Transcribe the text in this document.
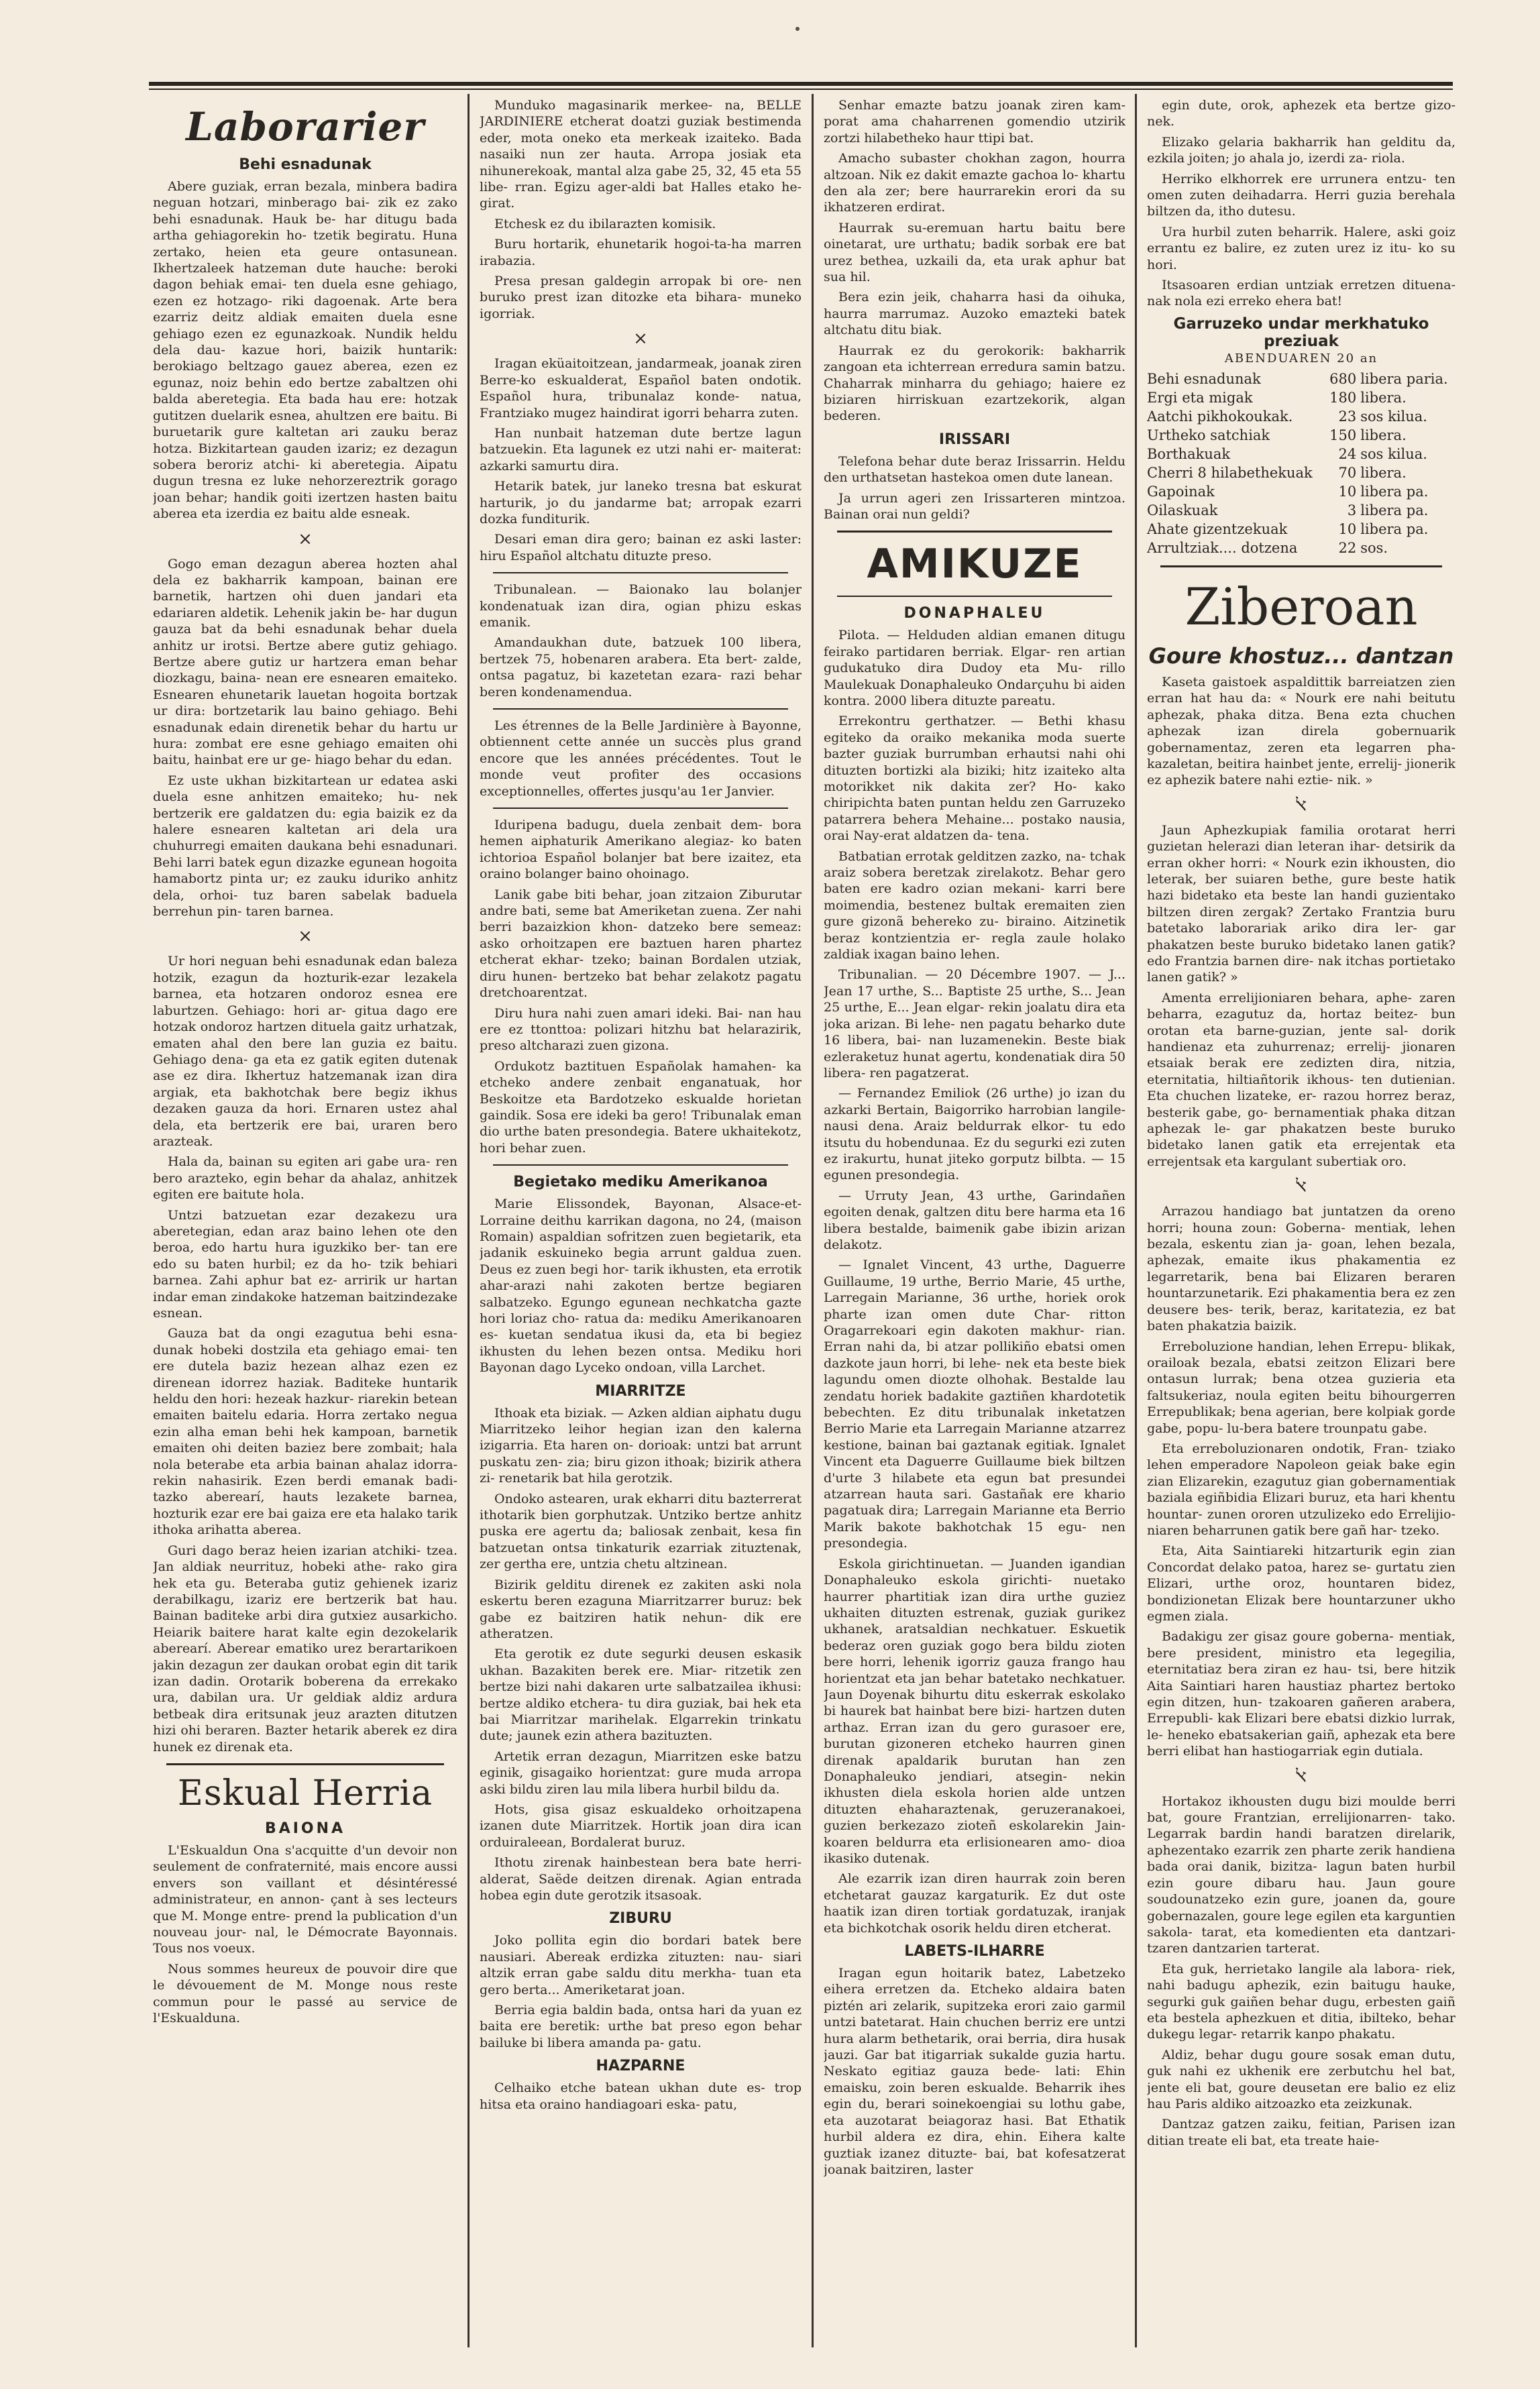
Laborarier
Behi esnadunak

Abere guziak, erran bezala, minbera badira neguan hotzari, minberago bai- zik ez zako behi esnadunak. Hauk be- har ditugu bada artha gehiagorekin ho- tzetik begiratu. Huna zertako, heien eta geure ontasunean. Ikhertzaleek hatzeman dute hauche: beroki dagon behiak emai- ten duela esne gehiago, ezen ez hotzago- riki dagoenak. Arte bera ezarriz deitz aldiak emaiten duela esne gehiago ezen ez egunazkoak. Nundik heldu dela dau- kazue hori, baizik huntarik: berokiago beltzago gauez aberea, ezen ez egunaz, noiz behin edo bertze zabaltzen ohi balda aberetegia. Eta bada hau ere: hotzak gutitzen duelarik esnea, ahultzen ere baitu. Bi buruetarik gure kaltetan ari zauku beraz hotza. Bizkitartean gauden izariz; ez dezagun sobera beroriz atchi- ki aberetegia. Aipatu dugun tresna ez luke nehorzereztrik gorago joan behar; handik goiti izertzen hasten baitu aberea eta izerdia ez baitu alde esneak.

×

Gogo eman dezagun aberea hozten ahal dela ez bakharrik kampoan, bainan ere barnetik, hartzen ohi duen jandari eta edariaren aldetik. Lehenik jakin be- har dugun gauza bat da behi esnadunak behar duela anhitz ur irotsi. Bertze abere gutiz gehiago. Bertze abere gutiz ur hartzera eman behar diozkagu, baina- nean ere esnearen emaiteko. Esnearen ehunetarik lauetan hogoita bortzak ur dira: bortzetarik lau baino gehiago. Behi esnadunak edain direnetik behar du hartu ur hura: zombat ere esne gehiago emaiten ohi baitu, hainbat ere ur ge- hiago behar du edan.

Ez uste ukhan bizkitartean ur edatea aski duela esne anhitzen emaiteko; hu- nek bertzerik ere galdatzen du: egia baizik ez da halere esnearen kaltetan ari dela ura chuhurregi emaiten daukana behi esnadunari. Behi larri batek egun dizazke egunean hogoita hamabortz pinta ur; ez zauku iduriko anhitz dela, orhoi- tuz baren sabelak baduela berrehun pin- taren barnea.

×

Ur hori neguan behi esnadunak edan baleza hotzik, ezagun da hozturik-ezar lezakela barnea, eta hotzaren ondoroz esnea ere laburtzen. Gehiago: hori ar- gitua dago ere hotzak ondoroz hartzen dituela gaitz urhatzak, ematen ahal den bere lan guzia ez baitu. Gehiago dena- ga eta ez gatik egiten dutenak ase ez dira. Ikhertuz hatzemanak izan dira argiak, eta bakhotchak bere begiz ikhus dezaken gauza da hori. Ernaren ustez ahal dela, eta bertzerik ere bai, uraren bero arazteak.

Hala da, bainan su egiten ari gabe ura- ren bero arazteko, egin behar da ahalaz, anhitzek egiten ere baitute hola.

Untzi batzuetan ezar dezakezu ura aberetegian, edan araz baino lehen ote den beroa, edo hartu hura iguzkiko ber- tan ere edo su baten hurbil; ez da ho- tzik behiari barnea. Zahi aphur bat ez- arririk ur hartan indar eman zindakoke hatzeman baitzindezake esnean.

Gauza bat da ongi ezagutua behi esna- dunak hobeki dostzila eta gehiago emai- ten ere dutela baziz hezean alhaz ezen ez direnean idorrez haziak. Baditeke huntarik heldu den hori: hezeak hazkur- riarekin betean emaiten baitelu edaria. Horra zertako negua ezin alha eman behi hek kampoan, barnetik emaiten ohi deiten baziez bere zombait; hala nola beterabe eta arbia bainan ahalaz idorra- rekin nahasirik. Ezen berdi emanak badi- tazko aberearí, hauts lezakete barnea, hozturik ezar ere bai gaiza ere eta halako tarik ithoka arihatta aberea.

Guri dago beraz heien izarian atchiki- tzea. Jan aldiak neurrituz, hobeki athe- rako gira hek eta gu. Beteraba gutiz gehienek izariz derabilkagu, izariz ere bertzerik bat hau. Bainan baditeke arbi dira gutxiez ausarkicho. Heiarik baitere harat kalte egin dezokelarik aberearí. Aberear ematiko urez berartarikoen jakin dezagun zer daukan orobat egin dit tarik izan dadin. Orotarik boberena da errekako ura, dabilan ura. Ur geldiak aldiz ardura betbeak dira eritsunak jeuz arazten ditutzen hizi ohi beraren. Bazter hetarik aberek ez dira hunek ez direnak eta.

Eskual Herria
BAIONA

L'Eskualdun Ona s'acquitte d'un devoir non seulement de confraternité, mais encore aussi envers son vaillant et désintéressé administrateur, en annon- çant à ses lecteurs que M. Monge entre- prend la publication d'un nouveau jour- nal, le Démocrate Bayonnais. Tous nos voeux.

Nous sommes heureux de pouvoir dire que le dévouement de M. Monge nous reste commun pour le passé au service de l'Eskualduna.

Munduko magasinarik merkee- na, BELLE JARDINIERE etcherat doatzi guziak bestimenda eder, mota oneko eta merkeak izaiteko. Bada nasaiki nun zer hauta. Arropa josiak eta nihunerekoak, mantal alza gabe 25, 32, 45 eta 55 libe- rran. Egizu ager-aldi bat Halles etako he- girat.

Etchesk ez du ibilarazten komisik.

Buru hortarik, ehunetarik hogoi-ta-ha marren irabazia.

Presa presan galdegin arropak bi ore- nen buruko prest izan ditozke eta bihara- muneko igorriak.

×

Iragan eküaitoitzean, jandarmeak, joanak ziren Berre-ko eskualderat, Español baten ondotik. Español hura, tribunalaz konde- natua, Frantziako mugez haindirat igorri beharra zuten.

Han nunbait hatzeman dute bertze lagun batzuekin. Eta lagunek ez utzi nahi er- maiterat: azkarki samurtu dira.

Hetarik batek, jur laneko tresna bat eskurat harturik, jo du jandarme bat; arropak ezarri dozka funditurik.

Desari eman dira gero; bainan ez aski laster: hiru Español altchatu dituzte preso.

Tribunalean. — Baionako lau bolanjer kondenatuak izan dira, ogian phizu eskas emanik.

Amandaukhan dute, batzuek 100 libera, bertzek 75, hobenaren arabera. Eta bert- zalde, ontsa pagatuz, bi kazetetan ezara- razi behar beren kondenamendua.

Les étrennes de la Belle Jardinière à Bayonne, obtiennent cette année un succès plus grand encore que les années précédentes. Tout le monde veut profiter des occasions exceptionnelles, offertes jusqu'au 1er Janvier.

Iduripena badugu, duela zenbait dem- bora hemen aiphaturik Amerikano alegiaz- ko baten ichtorioa Español bolanjer bat bere izaitez, eta oraino bolanger baino ohoinago.

Lanik gabe biti behar, joan zitzaion Ziburutar andre bati, seme bat Ameriketan zuena. Zer nahi berri bazaizkion khon- datzeko bere semeaz: asko orhoitzapen ere baztuen haren phartez etcherat ekhar- tzeko; bainan Bordalen utziak, diru hunen- bertzeko bat behar zelakotz pagatu dretchoarentzat.

Diru hura nahi zuen amari ideki. Bai- nan hau ere ez ttonttoa: polizari hitzhu bat helarazirik, preso altcharazi zuen gizona.

Ordukotz baztituen Españolak hamahen- ka etcheko andere zenbait enganatuak, hor Beskoitze eta Bardotzeko eskualde horietan gaindik. Sosa ere ideki ba gero! Tribunalak eman dio urthe baten presondegia. Batere ukhaitekotz, hori behar zuen.

Begietako mediku Amerikanoa

Marie Elissondek, Bayonan, Alsace-et- Lorraine deithu karrikan dagona, no 24, (maison Romain) aspaldian sofritzen zuen begietarik, eta jadanik eskuineko begia arrunt galdua zuen. Deus ez zuen begi hor- tarik ikhusten, eta errotik ahar-arazi nahi zakoten bertze begiaren salbatzeko. Egungo egunean nechkatcha gazte hori loriaz cho- ratua da: mediku Amerikanoaren es- kuetan sendatua ikusi da, eta bi begiez ikhusten du lehen bezen ontsa. Mediku hori Bayonan dago Lyceko ondoan, villa Larchet.

MIARRITZE

Ithoak eta biziak. — Azken aldian aiphatu dugu Miarritzeko leihor hegian izan den kalerna izigarria. Eta haren on- dorioak: untzi bat arrunt puskatu zen- zia; biru gizon ithoak; bizirik athera zi- renetarik bat hila gerotzik.

Ondoko astearen, urak ekharri ditu bazterrerat ithotarik bien gorphutzak. Untziko bertze anhitz puska ere agertu da; baliosak zenbait, kesa fin batzuetan ontsa tinkaturik ezarriak zituztenak, zer gertha ere, untzia chetu altzinean.

Bizirik gelditu direnek ez zakiten aski nola eskertu beren ezaguna Miarritzarrer buruz: bek gabe ez baitziren hatik nehun- dik ere atheratzen.

Eta gerotik ez dute segurki deusen eskasik ukhan. Bazakiten berek ere. Miar- ritzetik zen bertze bizi nahi dakaren urte salbatzailea ikhusi: bertze aldiko etchera- tu dira guziak, bai hek eta bai Miarritzar marihelak. Elgarrekin trinkatu dute; jaunek ezin athera bazituzten.

Artetik erran dezagun, Miarritzen eske batzu eginik, gisagaiko horientzat: gure muda arropa aski bildu ziren lau mila libera hurbil bildu da.

Hots, gisa gisaz eskualdeko orhoitzapena izanen dute Miarritzek. Hortik joan dira ican orduiraleean, Bordalerat buruz.

Ithotu zirenak hainbestean bera bate herri-alderat, Saëde deitzen direnak. Agian entrada hobea egin dute gerotzik itsasoak.

ZIBURU

Joko pollita egin dio bordari batek bere nausiari. Abereak erdizka zituzten: nau- siari altzik erran gabe saldu ditu merkha- tuan eta gero berta... Ameriketarat joan.

Berria egia baldin bada, ontsa hari da yuan ez baita ere beretik: urthe bat preso egon behar bailuke bi libera amanda pa- gatu.

HAZPARNE

Celhaiko etche batean ukhan dute es- trop hitsa eta oraino handiagoari eska- patu,

Senhar emazte batzu joanak ziren kam- porat ama chaharrenen gomendio utzirik zortzi hilabetheko haur ttipi bat.

Amacho subaster chokhan zagon, hourra altzoan. Nik ez dakit emazte gachoa lo- khartu den ala zer; bere haurrarekin erori da su ikhatzeren erdirat.

Haurrak su-eremuan hartu baitu bere oinetarat, ure urthatu; badik sorbak ere bat urez bethea, uzkaili da, eta urak aphur bat sua hil.

Bera ezin jeik, chaharra hasi da oihuka, haurra marrumaz. Auzoko emazteki batek altchatu ditu biak.

Haurrak ez du gerokorik: bakharrik zangoan eta ichterrean erredura samin batzu. Chaharrak minharra du gehiago; haiere ez biziaren hirriskuan ezartzekorik, algan bederen.

IRISSARI

Telefona behar dute beraz Irissarrin. Heldu den urthatsetan hastekoa omen dute lanean.

Ja urrun ageri zen Irissarteren mintzoa. Bainan orai nun geldi?

AMIKUZE
DONAPHALEU

Pilota. — Helduden aldian emanen ditugu feirako partidaren berriak. Elgar- ren artian gudukatuko dira Dudoy eta Mu- rillo Maulekuak Donaphaleuko Ondarçuhu bi aiden kontra. 2000 libera dituzte pareatu.

Errekontru gerthatzer. — Bethi khasu egiteko da oraiko mekanika moda suerte bazter guziak burrumban erhautsi nahi ohi dituzten bortizki ala biziki; hitz izaiteko alta motorikket nik dakita zer? Ho- kako chiripichta baten puntan heldu zen Garruzeko patarrera behera Mehaine... postako nausia, orai Nay-erat aldatzen da- tena.

Batbatian errotak gelditzen zazko, na- tchak araiz sobera beretzak zirelakotz. Behar gero baten ere kadro ozian mekani- karri bere moimendia, bestenez bultak eremaiten zien gure gizonã behereko zu- biraino. Aitzinetik beraz kontzientzia er- regla zaule holako zaldiak ixagan baino lehen.

Tribunalian. — 20 Décembre 1907. — J... Jean 17 urthe, S... Baptiste 25 urthe, S... Jean 25 urthe, E... Jean elgar- rekin joalatu dira eta joka arizan. Bi lehe- nen pagatu beharko dute 16 libera, bai- nan luzamenekin. Beste biak ezleraketuz hunat agertu, kondenatiak dira 50 libera- ren pagatzerat.

— Fernandez Emiliok (26 urthe) jo izan du azkarki Bertain, Baigorriko harrobian langile-nausi dena. Araiz beldurrak elkor- tu edo itsutu du hobendunaa. Ez du segurki ezi zuten ez irakurtu, hunat jiteko gorputz bilbta. — 15 egunen presondegia.

— Urruty Jean, 43 urthe, Garindañen egoiten denak, galtzen ditu bere harma eta 16 libera bestalde, baimenik gabe ibizin arizan delakotz.

— Ignalet Vincent, 43 urthe, Daguerre Guillaume, 19 urthe, Berrio Marie, 45 urthe, Larregain Marianne, 36 urthe, horiek orok pharte izan omen dute Char- ritton Oragarrekoari egin dakoten makhur- rian. Erran nahi da, bi atzar pollikiño ebatsi omen dazkote jaun horri, bi lehe- nek eta beste biek lagundu omen diozte olhohak. Bestalde lau zendatu horiek badakite gaztiñen khardotetik bebechten. Ez ditu tribunalak inketatzen Berrio Marie eta Larregain Marianne atzarrez kestione, bainan bai gaztanak egitiak. Ignalet Vincent eta Daguerre Guillaume biek biltzen d'urte 3 hilabete eta egun bat presundei atzarrean hauta sari. Gastañak ere khario pagatuak dira; Larregain Marianne eta Berrio Marik bakote bakhotchak 15 egu- nen presondegia.

Eskola girichtinuetan. — Juanden igandian Donaphaleuko eskola girichti- nuetako haurrer phartitiak izan dira urthe guziez ukhaiten dituzten estrenak, guziak gurikez ukhanek, aratsaldian nechkatuer. Eskuetik bederaz oren guziak gogo bera bildu zioten bere horri, lehenik igorriz gauza frango hau horientzat eta jan behar batetako nechkatuer. Jaun Doyenak bihurtu ditu eskerrak eskolako bi haurek bat hainbat bere bizi- hartzen duten arthaz. Erran izan du gero gurasoer ere, burutan gizoneren etcheko haurren ginen direnak apaldarik burutan han zen Donaphaleuko jendiari, atsegin- nekin ikhusten diela eskola horien alde untzen dituzten ehaharaztenak, geruzeranakoei, guzien berkezazo zioteñ eskolarekin Jain- koaren beldurra eta erlisionearen amo- dioa ikasiko dutenak.

Ale ezarrik izan diren haurrak zoin beren etchetarat gauzaz kargaturik. Ez dut oste haatik izan diren tortiak gordatuzak, iranjak eta bichkotchak osorik heldu diren etcherat.

LABETS-ILHARRE

Iragan egun hoitarik batez, Labetzeko eihera erretzen da. Etcheko aldaira baten piztén ari zelarik, supitzeka erori zaio garmil untzi batetarat. Hain chuchen berriz ere untzi hura alarm bethetarik, orai berria, dira husak jauzi. Gar bat itigarriak sukalde guzia hartu. Neskato egitiaz gauza bede- lati: Ehin emaisku, zoin beren eskualde. Beharrik ihes egin du, berari soinekoengiai su lothu gabe, eta auzotarat beiagoraz hasi. Bat Ethatik hurbil aldera ez dira, ehin. Eihera kalte guztiak izanez dituzte- bai, bat kofesatzerat joanak baitziren, laster

egin dute, orok, aphezek eta bertze gizo- nek.

Elizako gelaria bakharrik han gelditu da, ezkila joiten; jo ahala jo, izerdi za- riola.

Herriko elkhorrek ere urrunera entzu- ten omen zuten deihadarra. Herri guzia berehala biltzen da, itho dutesu.

Ura hurbil zuten beharrik. Halere, aski goiz errantu ez balire, ez zuten urez iz itu- ko su hori.

Itsasoaren erdian untziak erretzen dituena- nak nola ezi erreko ehera bat!

Garruzeko undar merkhatuko preziuak
ABENDUAREN 20 an
Behi esnadunak	680	libera paria.
Ergi eta migak	180	libera.
Aatchi pikhokoukak.	23	sos kilua.
Urtheko satchiak	150	libera.
Borthakuak	24	sos kilua.
Cherri 8 hilabethekuak	70	libera.
Gapoinak	10	libera pa.
Oilaskuak	3	libera pa.
Ahate gizentzekuak	10	libera pa.
Arrultziak.... dotzena	22	sos.
Ziberoan
Goure khostuz... dantzan

Kaseta gaistoek aspaldittik barreiatzen zien erran hat hau da: « Nourk ere nahi beitutu aphezak, phaka ditza. Bena ezta chuchen aphezak izan direla gobernuarik gobernamentaz, zeren eta legarren pha- kazaletan, beitira hainbet jente, errelij- jionerik ez aphezik batere nahi eztie- nik. »

ﭏ

Jaun Aphezkupiak familia orotarat herri guzietan helerazi dian leteran ihar- detsirik da erran okher horri: « Nourk ezin ikhousten, dio leterak, ber suiaren bethe, gure beste hatik hazi bidetako eta beste lan handi guzientako biltzen diren zergak? Zertako Frantzia buru batetako laborariak ariko dira ler- gar phakatzen beste buruko bidetako lanen gatik? edo Frantzia barnen dire- nak itchas portietako lanen gatik? »

Amenta errelijioniaren behara, aphe- zaren beharra, ezagutuz da, hortaz beitez- bun orotan eta barne-guzian, jente sal- dorik handienaz eta zuhurrenaz; errelij- jionaren etsaiak berak ere zedizten dira, nitzia, eternitatia, hiltiañtorik ikhous- ten dutienian. Eta chuchen lizateke, er- razou horrez beraz, besterik gabe, go- bernamentiak phaka ditzan aphezak le- gar phakatzen beste buruko bidetako lanen gatik eta errejentak eta errejentsak eta kargulant subertiak oro.

ﭏ

Arrazou handiago bat juntatzen da oreno horri; houna zoun: Goberna- mentiak, lehen bezala, eskentu zian ja- goan, lehen bezala, aphezak, emaite ikus phakamentia ez legarretarik, bena bai Elizaren beraren hountarzunetarik. Ezi phakamentia bera ez zen deusere bes- terik, beraz, karitatezia, ez bat baten phakatzia baizik.

Erreboluzione handian, lehen Errepu- blikak, orailoak bezala, ebatsi zeitzon Elizari bere ontasun lurrak; bena otzea guzieria eta faltsukeriaz, noula egiten beitu bihourgerren Errepublikak; bena agerian, bere kolpiak gorde gabe, popu- lu-bera batere trounpatu gabe.

Eta erreboluzionaren ondotik, Fran- tziako lehen emperadore Napoleon geiak bake egin zian Elizarekin, ezagutuz gian gobernamentiak baziala egiñbidia Elizari buruz, eta hari khentu hountar- zunen ororen utzulizeko edo Errelijio- niaren beharrunen gatik bere gañ har- tzeko.

Eta, Aita Saintiareki hitzarturik egin zian Concordat delako patoa, harez se- gurtatu zien Elizari, urthe oroz, hountaren bidez, bondizionetan Elizak bere hountarzuner ukho egmen ziala.

Badakigu zer gisaz goure goberna- mentiak, bere president, ministro eta legegilia, eternitatiaz bera ziran ez hau- tsi, bere hitzik Aita Saintiari haren haustiaz phartez bertoko egin ditzen, hun- tzakoaren gañeren arabera, Errepubli- kak Elizari bere ebatsi dizkio lurrak, le- heneko ebatsakerian gaiñ, aphezak eta bere berri elibat han hastiogarriak egin dutiala.

ﭏ

Hortakoz ikhousten dugu bizi moulde berri bat, goure Frantzian, errelijionarren- tako. Legarrak bardin handi baratzen direlarik, aphezentako ezarrik zen pharte zerik handiena bada orai danik, bizitza- lagun baten hurbil ezin goure dibaru hau. Jaun goure soudounatzeko ezin gure, joanen da, goure gobernazalen, goure lege egilen eta karguntien sakola- tarat, eta komedienten eta dantzari-tzaren dantzarien tarterat.

Eta guk, herrietako langile ala labora- riek, nahi badugu aphezik, ezin baitugu hauke, segurki guk gaiñen behar dugu, erbesten gaiñ eta bestela aphezkuen et ditia, ibilteko, behar dukegu legar- retarrik kanpo phakatu.

Aldiz, behar dugu goure sosak eman dutu, guk nahi ez ukhenik ere zerbutchu hel bat, jente eli bat, goure deusetan ere balio ez eliz hau Paris aldiko aitzoazko eta zeizkunak.

Dantzaz gatzen zaiku, feitian, Parisen izan ditian treate eli bat, eta treate haie-
